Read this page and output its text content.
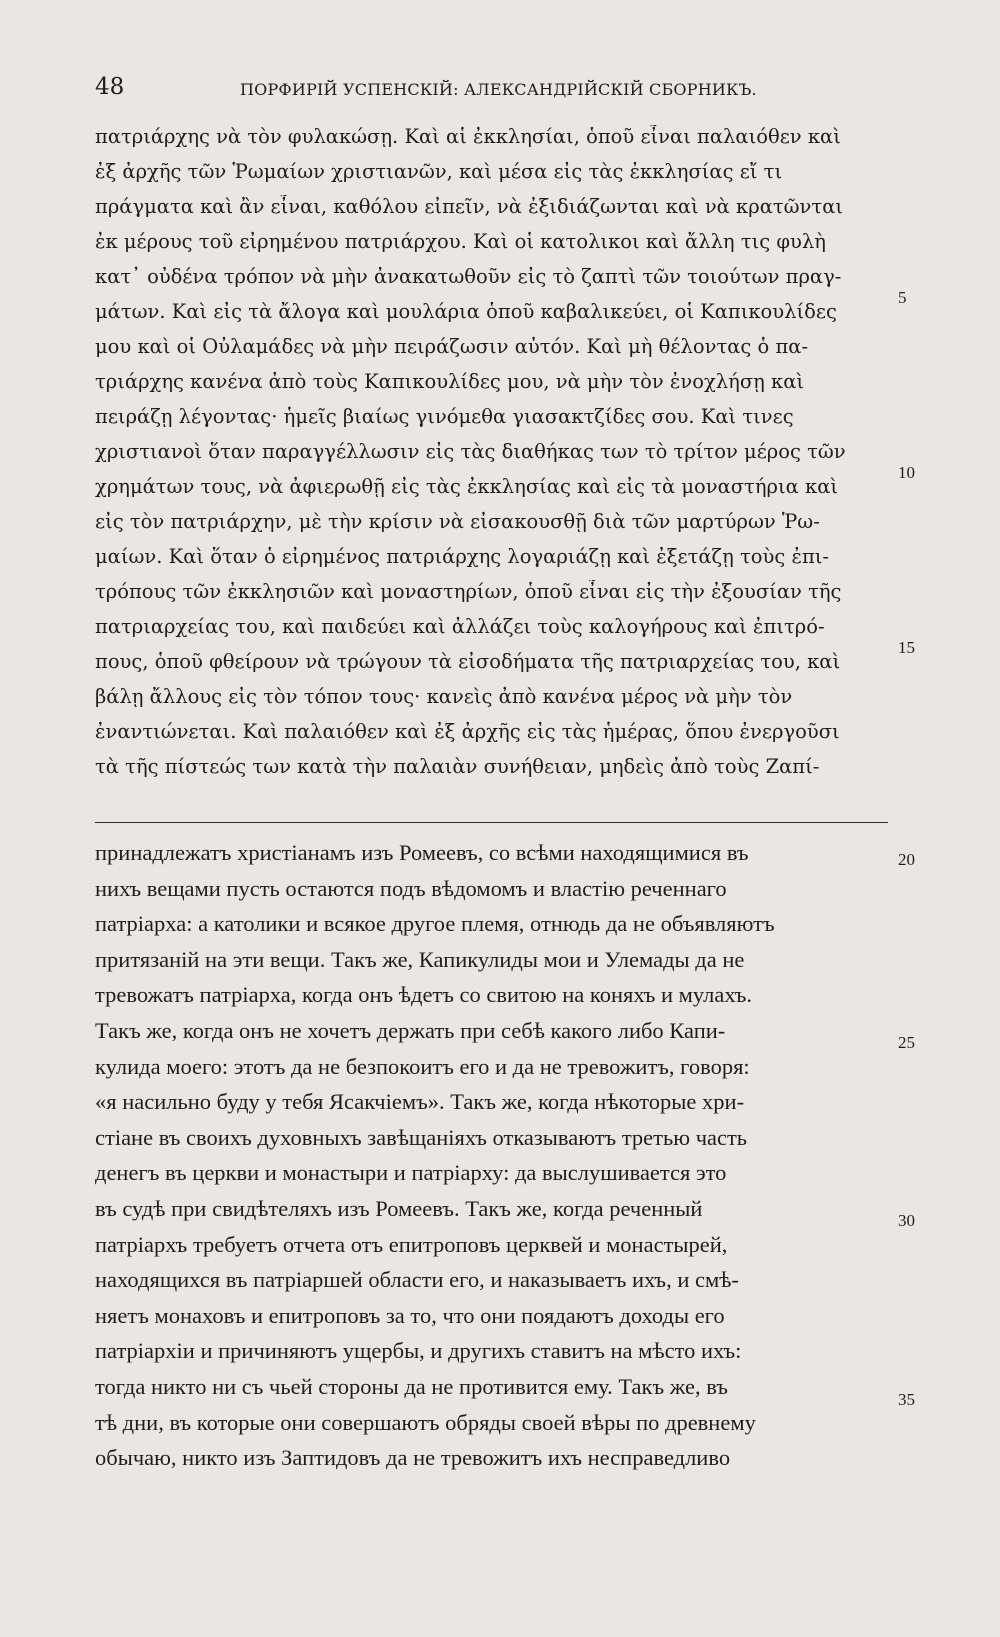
48	ПОРФИРІЙ УСПЕНСКІЙ: АЛЕКСАНДРІЙСКІЙ СБОРНИКЪ.
πατριάρχης νὰ τὸν φυλακώσῃ. Καὶ αἱ ἐκκλησίαι, ὁποῦ εἶναι παλαιόθεν καὶ
ἐξ ἀρχῆς τῶν Ῥωμαίων χριστιανῶν, καὶ μέσα εἰς τὰς ἐκκλησίας εἴ τι
πράγματα καὶ ἂν εἶναι, καθόλου εἰπεῖν, νὰ ἐξιδιάζωνται καὶ νὰ κρατῶνται
ἐκ μέρους τοῦ εἰρημένου πατριάρχου. Καὶ οἱ κατολικοι καὶ ἄλλη τις φυλὴ
κατ᾽ οὐδένα τρόπον νὰ μὴν ἀνακατωθοῦν εἰς τὸ ζαπτὶ τῶν τοιούτων πραγ-
μάτων. Καὶ εἰς τὰ ἄλογα καὶ μουλάρια ὁποῦ καβαλικεύει, οἱ Καπικουλίδες
μου καὶ οἱ Οὐλαμάδες νὰ μὴν πειράζωσιν αὐτόν. Καὶ μὴ θέλοντας ὁ πα-
τριάρχης κανένα ἀπὸ τοὺς Καπικουλίδες μου, νὰ μὴν τὸν ἐνοχλήσῃ καὶ
πειράζῃ λέγοντας· ἡμεῖς βιαίως γινόμεθα γιασακτζίδες σου. Καὶ τινες
χριστιανοὶ ὅταν παραγγέλλωσιν εἰς τὰς διαθήκας των τὸ τρίτον μέρος τῶν
χρημάτων τους, νὰ ἀφιερωθῇ εἰς τὰς ἐκκλησίας καὶ εἰς τὰ μοναστήρια καὶ
εἰς τὸν πατριάρχην, μὲ τὴν κρίσιν νὰ εἰσακουσθῇ διὰ τῶν μαρτύρων Ῥω-
μαίων. Καὶ ὅταν ὁ εἰρημένος πατριάρχης λογαριάζῃ καὶ ἐξετάζῃ τοὺς ἐπι-
τρόπους τῶν ἐκκλησιῶν καὶ μοναστηρίων, ὁποῦ εἶναι εἰς τὴν ἐξουσίαν τῆς
πατριαρχείας του, καὶ παιδεύει καὶ ἀλλάζει τοὺς καλογήρους καὶ ἐπιτρό-
πους, ὁποῦ φθείρουν νὰ τρώγουν τὰ εἰσοδήματα τῆς πατριαρχείας του, καὶ
βάλῃ ἄλλους εἰς τὸν τόπον τους· κανεὶς ἀπὸ κανένα μέρος νὰ μὴν τὸν
ἐναντιώνεται. Καὶ παλαιόθεν καὶ ἐξ ἀρχῆς εἰς τὰς ἡμέρας, ὅπου ἐνεργοῦσι
τὰ τῆς πίστεώς των κατὰ τὴν παλαιὰν συνήθειαν, μηδεὶς ἀπὸ τοὺς Ζαπί-
принадлежатъ христіанамъ изъ Ромеевъ, со всѣми находящимися въ
нихъ вещами пусть остаются подъ вѣдомомъ и властію реченнаго
патріарха: а католики и всякое другое племя, отнюдь да не объявляютъ
притязаній на эти вещи. Такъ же, Капикулиды мои и Улемады да не
тревожатъ патріарха, когда онъ ѣдетъ со свитою на коняхъ и мулахъ.
Такъ же, когда онъ не хочетъ держать при себѣ какого либо Капи-
кулида моего: этотъ да не безпокоитъ его и да не тревожитъ, говоря:
«я насильно буду у тебя Ясакчіемъ». Такъ же, когда нѣкоторые хри-
стіане въ своихъ духовныхъ завѣщаніяхъ отказываютъ третью часть
денегъ въ церкви и монастыри и патріарху: да выслушивается это
въ судѣ при свидѣтеляхъ изъ Ромеевъ. Такъ же, когда реченный
патріархъ требуетъ отчета отъ епитроповъ церквей и монастырей,
находящихся въ патріаршей области его, и наказываетъ ихъ, и смѣ-
няетъ монаховъ и епитроповъ за то, что они поядаютъ доходы его
патріархіи и причиняютъ ущербы, и другихъ ставитъ на мѣсто ихъ:
тогда никто ни съ чьей стороны да не противится ему. Такъ же, въ
тѣ дни, въ которые они совершаютъ обряды своей вѣры по древнему
обычаю, никто изъ Заптидовъ да не тревожитъ ихъ несправедливо
5
10
15
20
25
30
35
